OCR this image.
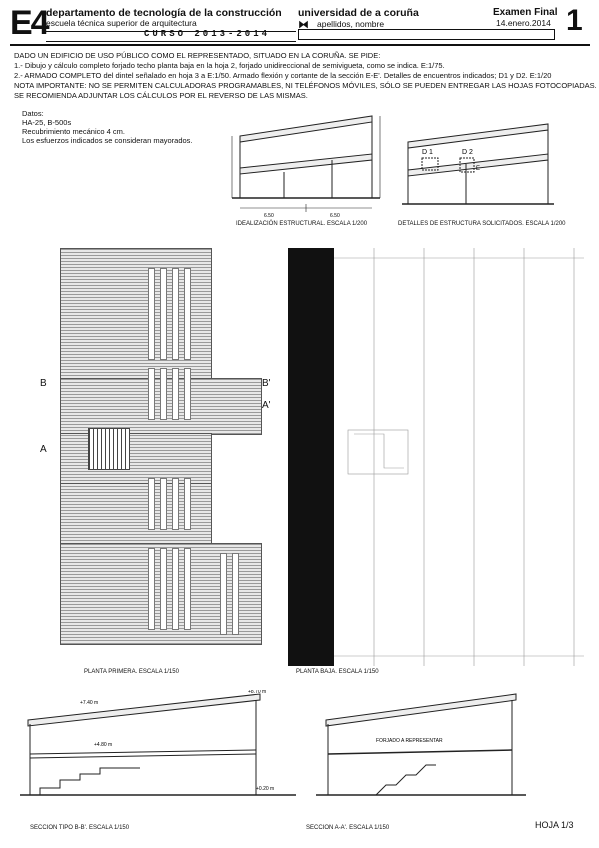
E4
departamento de tecnología de la construcción
escuela técnica superior de arquitectura
CURSO 2013-2014
universidad de a coruña
⧓ apellidos, nombre
Examen Final
14.enero.2014 1
DADO UN EDIFICIO DE USO PÚBLICO COMO EL REPRESENTADO, SITUADO EN LA CORUÑA. SE PIDE:
1.- Dibujo y cálculo completo forjado techo planta baja en la hoja 2, forjado unidireccional de semivigueta, como se indica. E:1/75.
2.- ARMADO COMPLETO del dintel señalado en hoja 3 a E:1/50. Armado flexión y cortante de la sección E-E'. Detalles de encuentros indicados; D1 y D2. E:1/20
NOTA IMPORTANTE: NO SE PERMITEN CALCULADORAS PROGRAMABLES, NI TELÉFONOS MÓVILES, SÓLO SE PUEDEN ENTREGAR LAS HOJAS FOTOCOPIADAS.
SE RECOMIENDA ADJUNTAR LOS CÁLCULOS POR EL REVERSO DE LAS MISMAS.
Datos:
HA-25, B-500s
Recubrimiento mecánico 4 cm.
Los esfuerzos indicados se consideran mayorados.
6.50	6.50
IDEALIZACIÓN ESTRUCTURAL. ESCALA 1/200
D 1	D 2
E
DETALLES DE ESTRUCTURA SOLICITADOS. ESCALA 1/200
B	B'
A
A'
PLANTA PRIMERA. ESCALA 1/150	PLANTA BAJA. ESCALA 1/150
+7.40 m
+8.70 m
+4.80 m
+0.20 m
SECCION TIPO B-B'. ESCALA 1/150
FORJADO A REPRESENTAR
SECCION A-A'. ESCALA 1/150	HOJA 1/3
